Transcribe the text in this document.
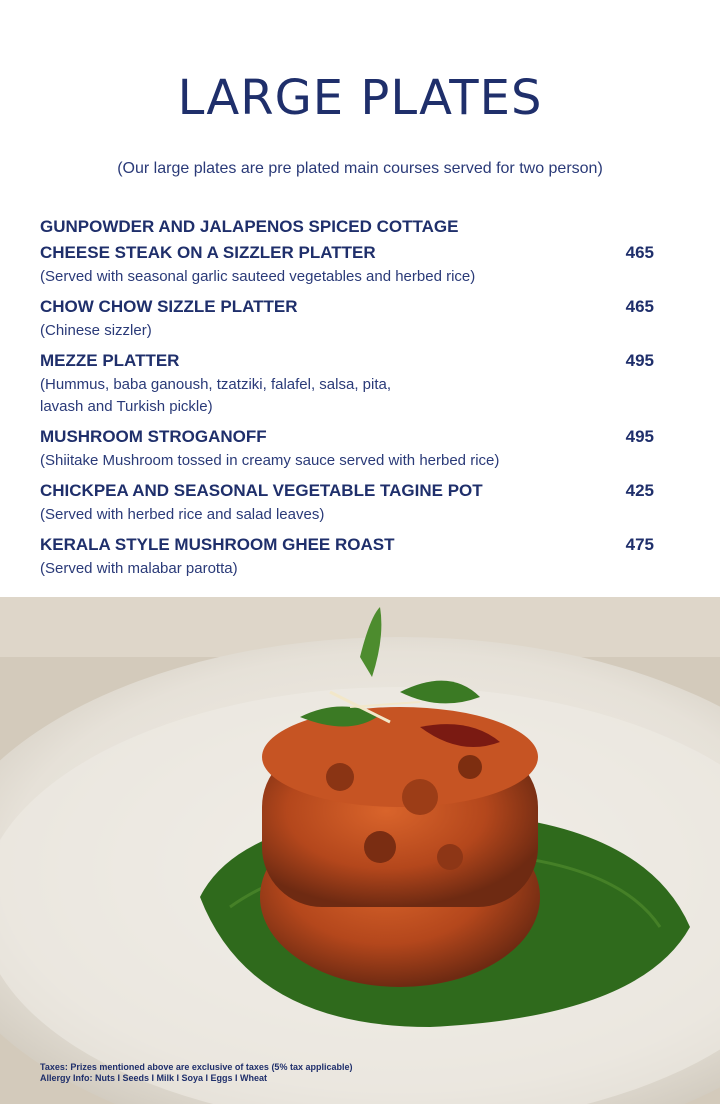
LARGE PLATES
(Our large plates are pre plated main courses served for two person)
GUNPOWDER AND JALAPENOS SPICED COTTAGE
CHEESE STEAK ON A SIZZLER PLATTER	465
(Served with seasonal garlic sauteed vegetables and herbed rice)
CHOW CHOW SIZZLE PLATTER	465
(Chinese sizzler)
MEZZE PLATTER	495
(Hummus, baba ganoush, tzatziki, falafel, salsa, pita,
lavash and Turkish pickle)
MUSHROOM STROGANOFF	495
(Shiitake Mushroom tossed in creamy sauce served with herbed rice)
CHICKPEA AND SEASONAL VEGETABLE TAGINE POT	425
(Served with herbed rice and salad leaves)
KERALA STYLE MUSHROOM GHEE ROAST	475
(Served with malabar parotta)
Taxes: Prizes mentioned above are exclusive of taxes (5% tax applicable)
Allergy Info: Nuts I Seeds I Milk I Soya I Eggs I Wheat
